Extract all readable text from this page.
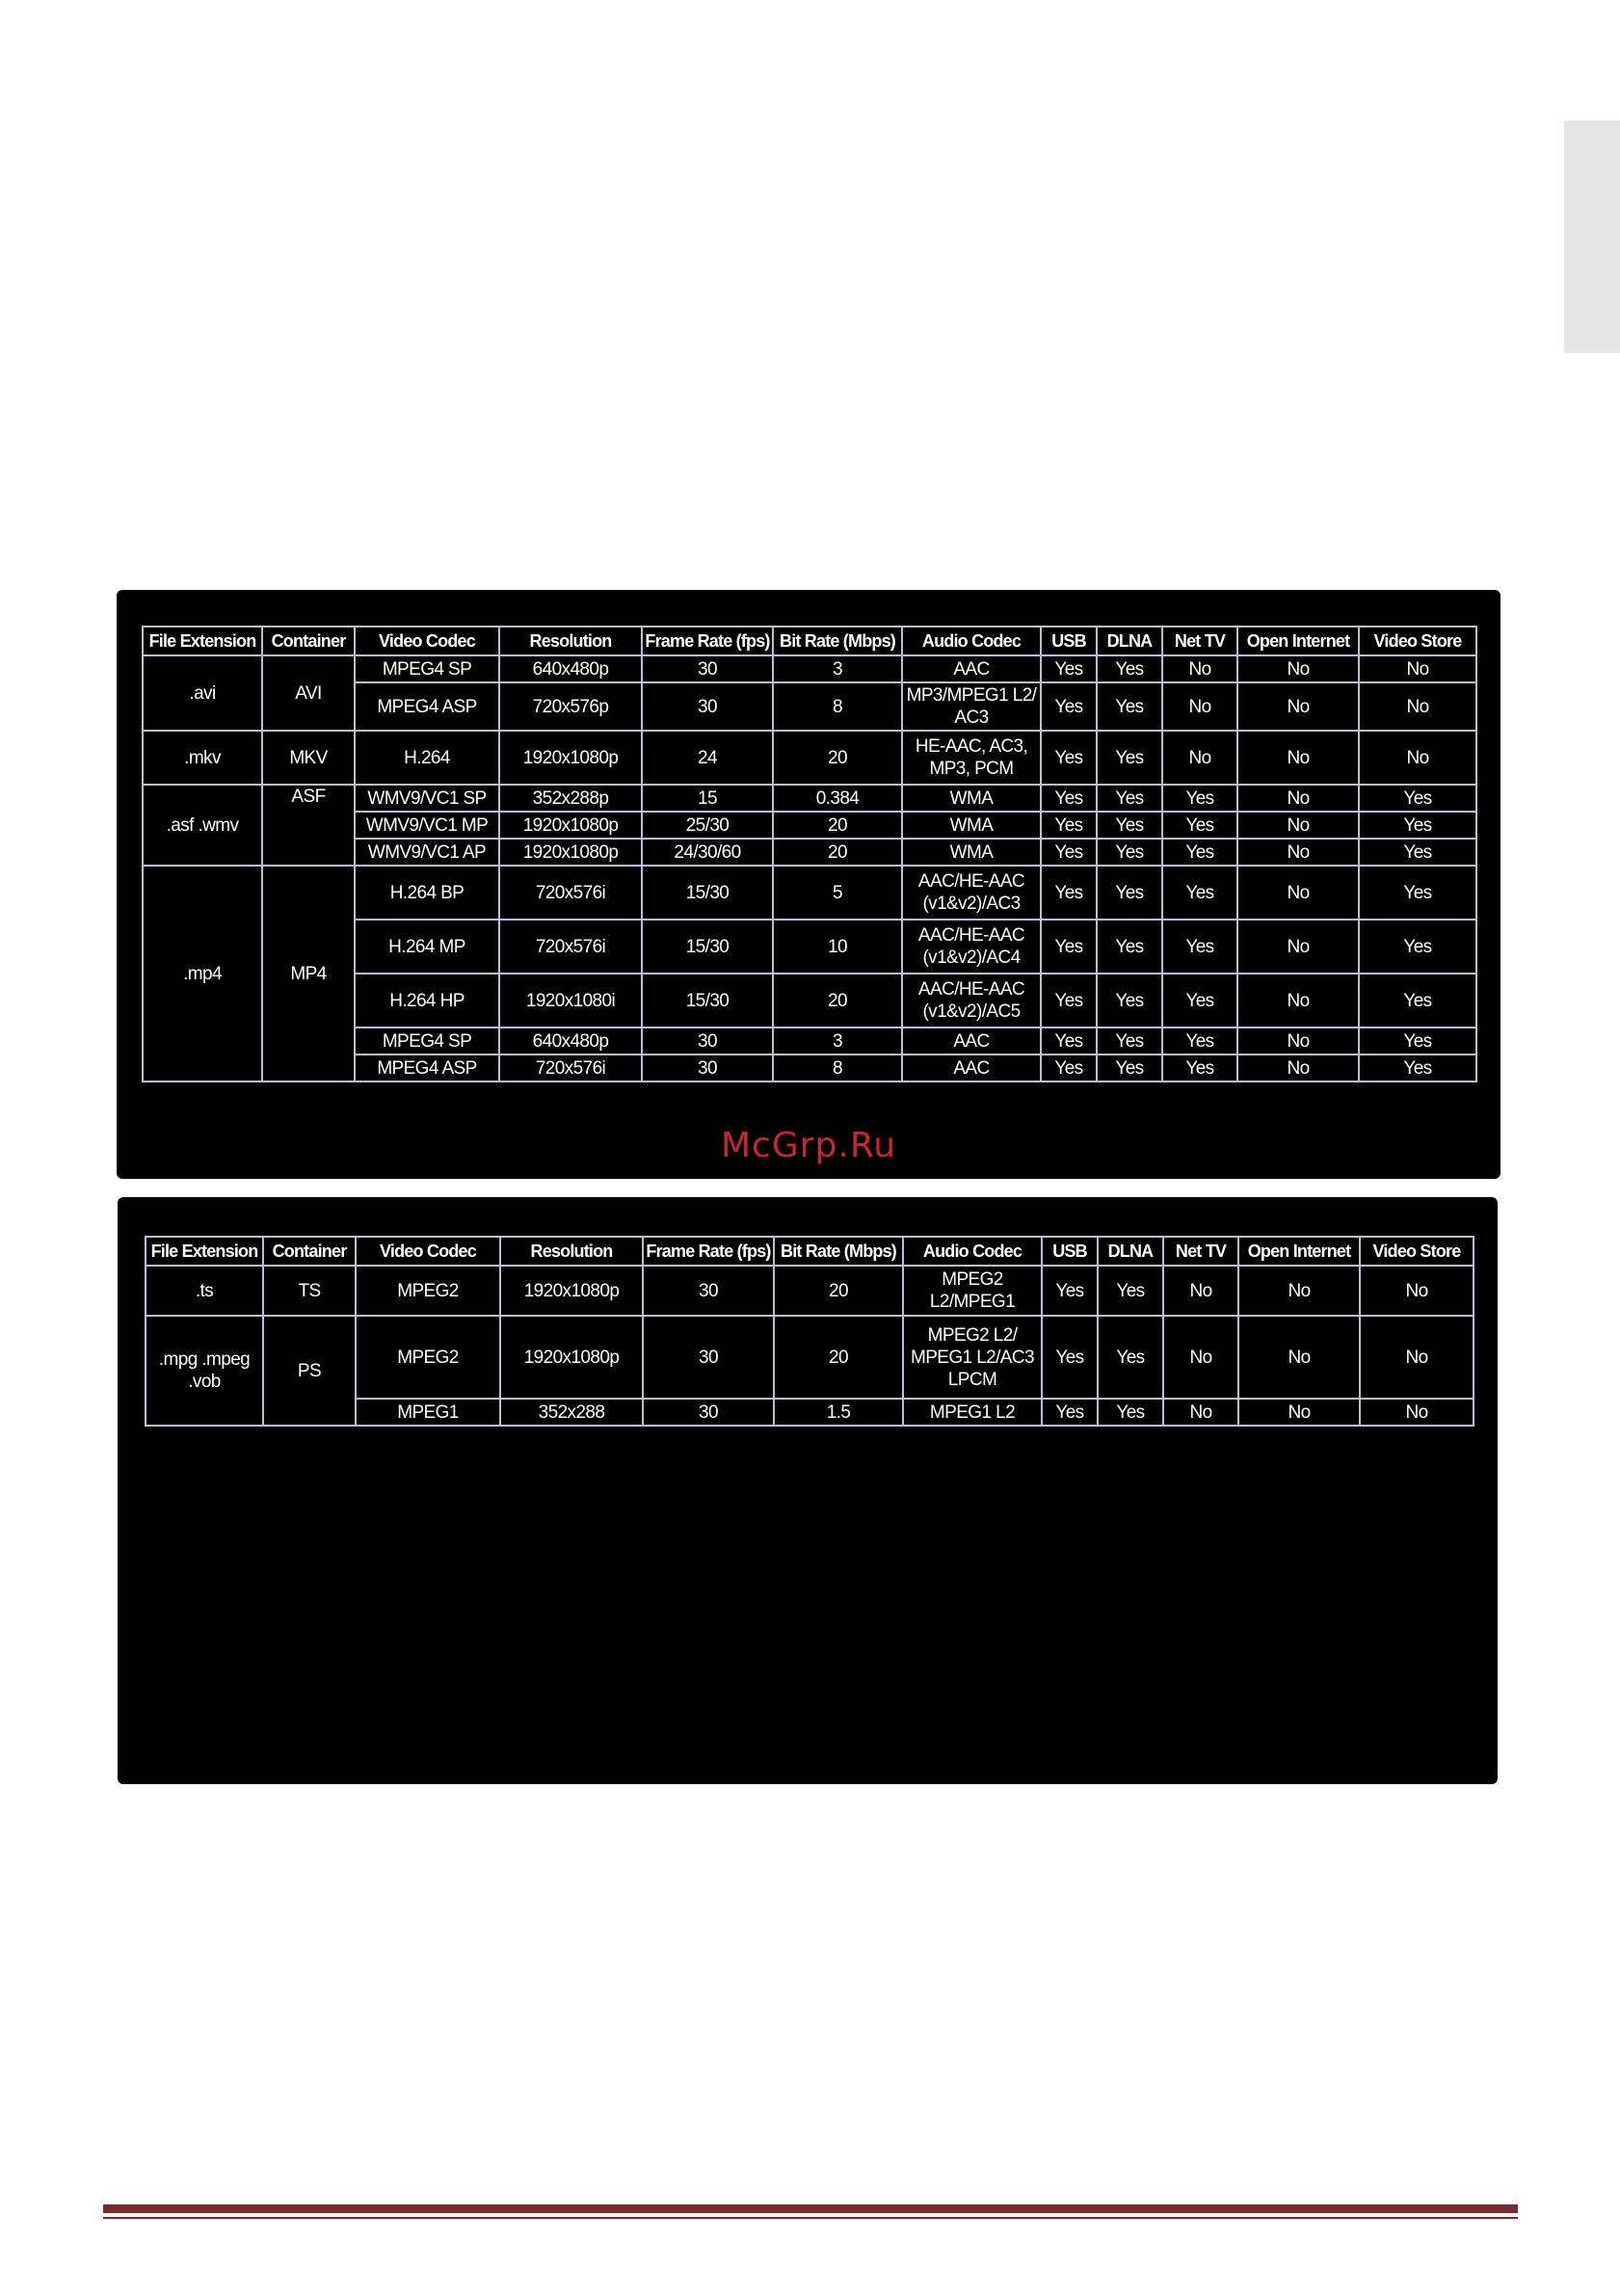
File Extension	Container	Video Codec	Resolution	Frame Rate (fps)	Bit Rate (Mbps)	Audio Codec	USB	DLNA	Net TV	Open Internet	Video Store
.avi	AVI	MPEG4 SP	640x480p	30	3	AAC	Yes	Yes	No	No	No
		MPEG4 ASP	720x576p	30	8	MP3/MPEG1 L2/ AC3	Yes	Yes	No	No	No
.mkv	MKV	H.264	1920x1080p	24	20	HE-AAC, AC3, MP3, PCM	Yes	Yes	No	No	No
.asf .wmv	ASF	WMV9/VC1 SP	352x288p	15	0.384	WMA	Yes	Yes	Yes	No	Yes
		WMV9/VC1 MP	1920x1080p	25/30	20	WMA	Yes	Yes	Yes	No	Yes
		WMV9/VC1 AP	1920x1080p	24/30/60	20	WMA	Yes	Yes	Yes	No	Yes
.mp4	MP4	H.264 BP	720x576i	15/30	5	AAC/HE-AAC (v1&v2)/AC3	Yes	Yes	Yes	No	Yes
		H.264 MP	720x576i	15/30	10	AAC/HE-AAC (v1&v2)/AC4	Yes	Yes	Yes	No	Yes
		H.264 HP	1920x1080i	15/30	20	AAC/HE-AAC (v1&v2)/AC5	Yes	Yes	Yes	No	Yes
		MPEG4 SP	640x480p	30	3	AAC	Yes	Yes	Yes	No	Yes
		MPEG4 ASP	720x576i	30	8	AAC	Yes	Yes	Yes	No	Yes
McGrp.Ru
File Extension	Container	Video Codec	Resolution	Frame Rate (fps)	Bit Rate (Mbps)	Audio Codec	USB	DLNA	Net TV	Open Internet	Video Store
.ts	TS	MPEG2	1920x1080p	30	20	MPEG2 L2/MPEG1	Yes	Yes	No	No	No
.mpg .mpeg .vob	PS	MPEG2	1920x1080p	30	20	MPEG2 L2/ MPEG1 L2/AC3 LPCM	Yes	Yes	No	No	No
		MPEG1	352x288	30	1.5	MPEG1 L2	Yes	Yes	No	No	No
